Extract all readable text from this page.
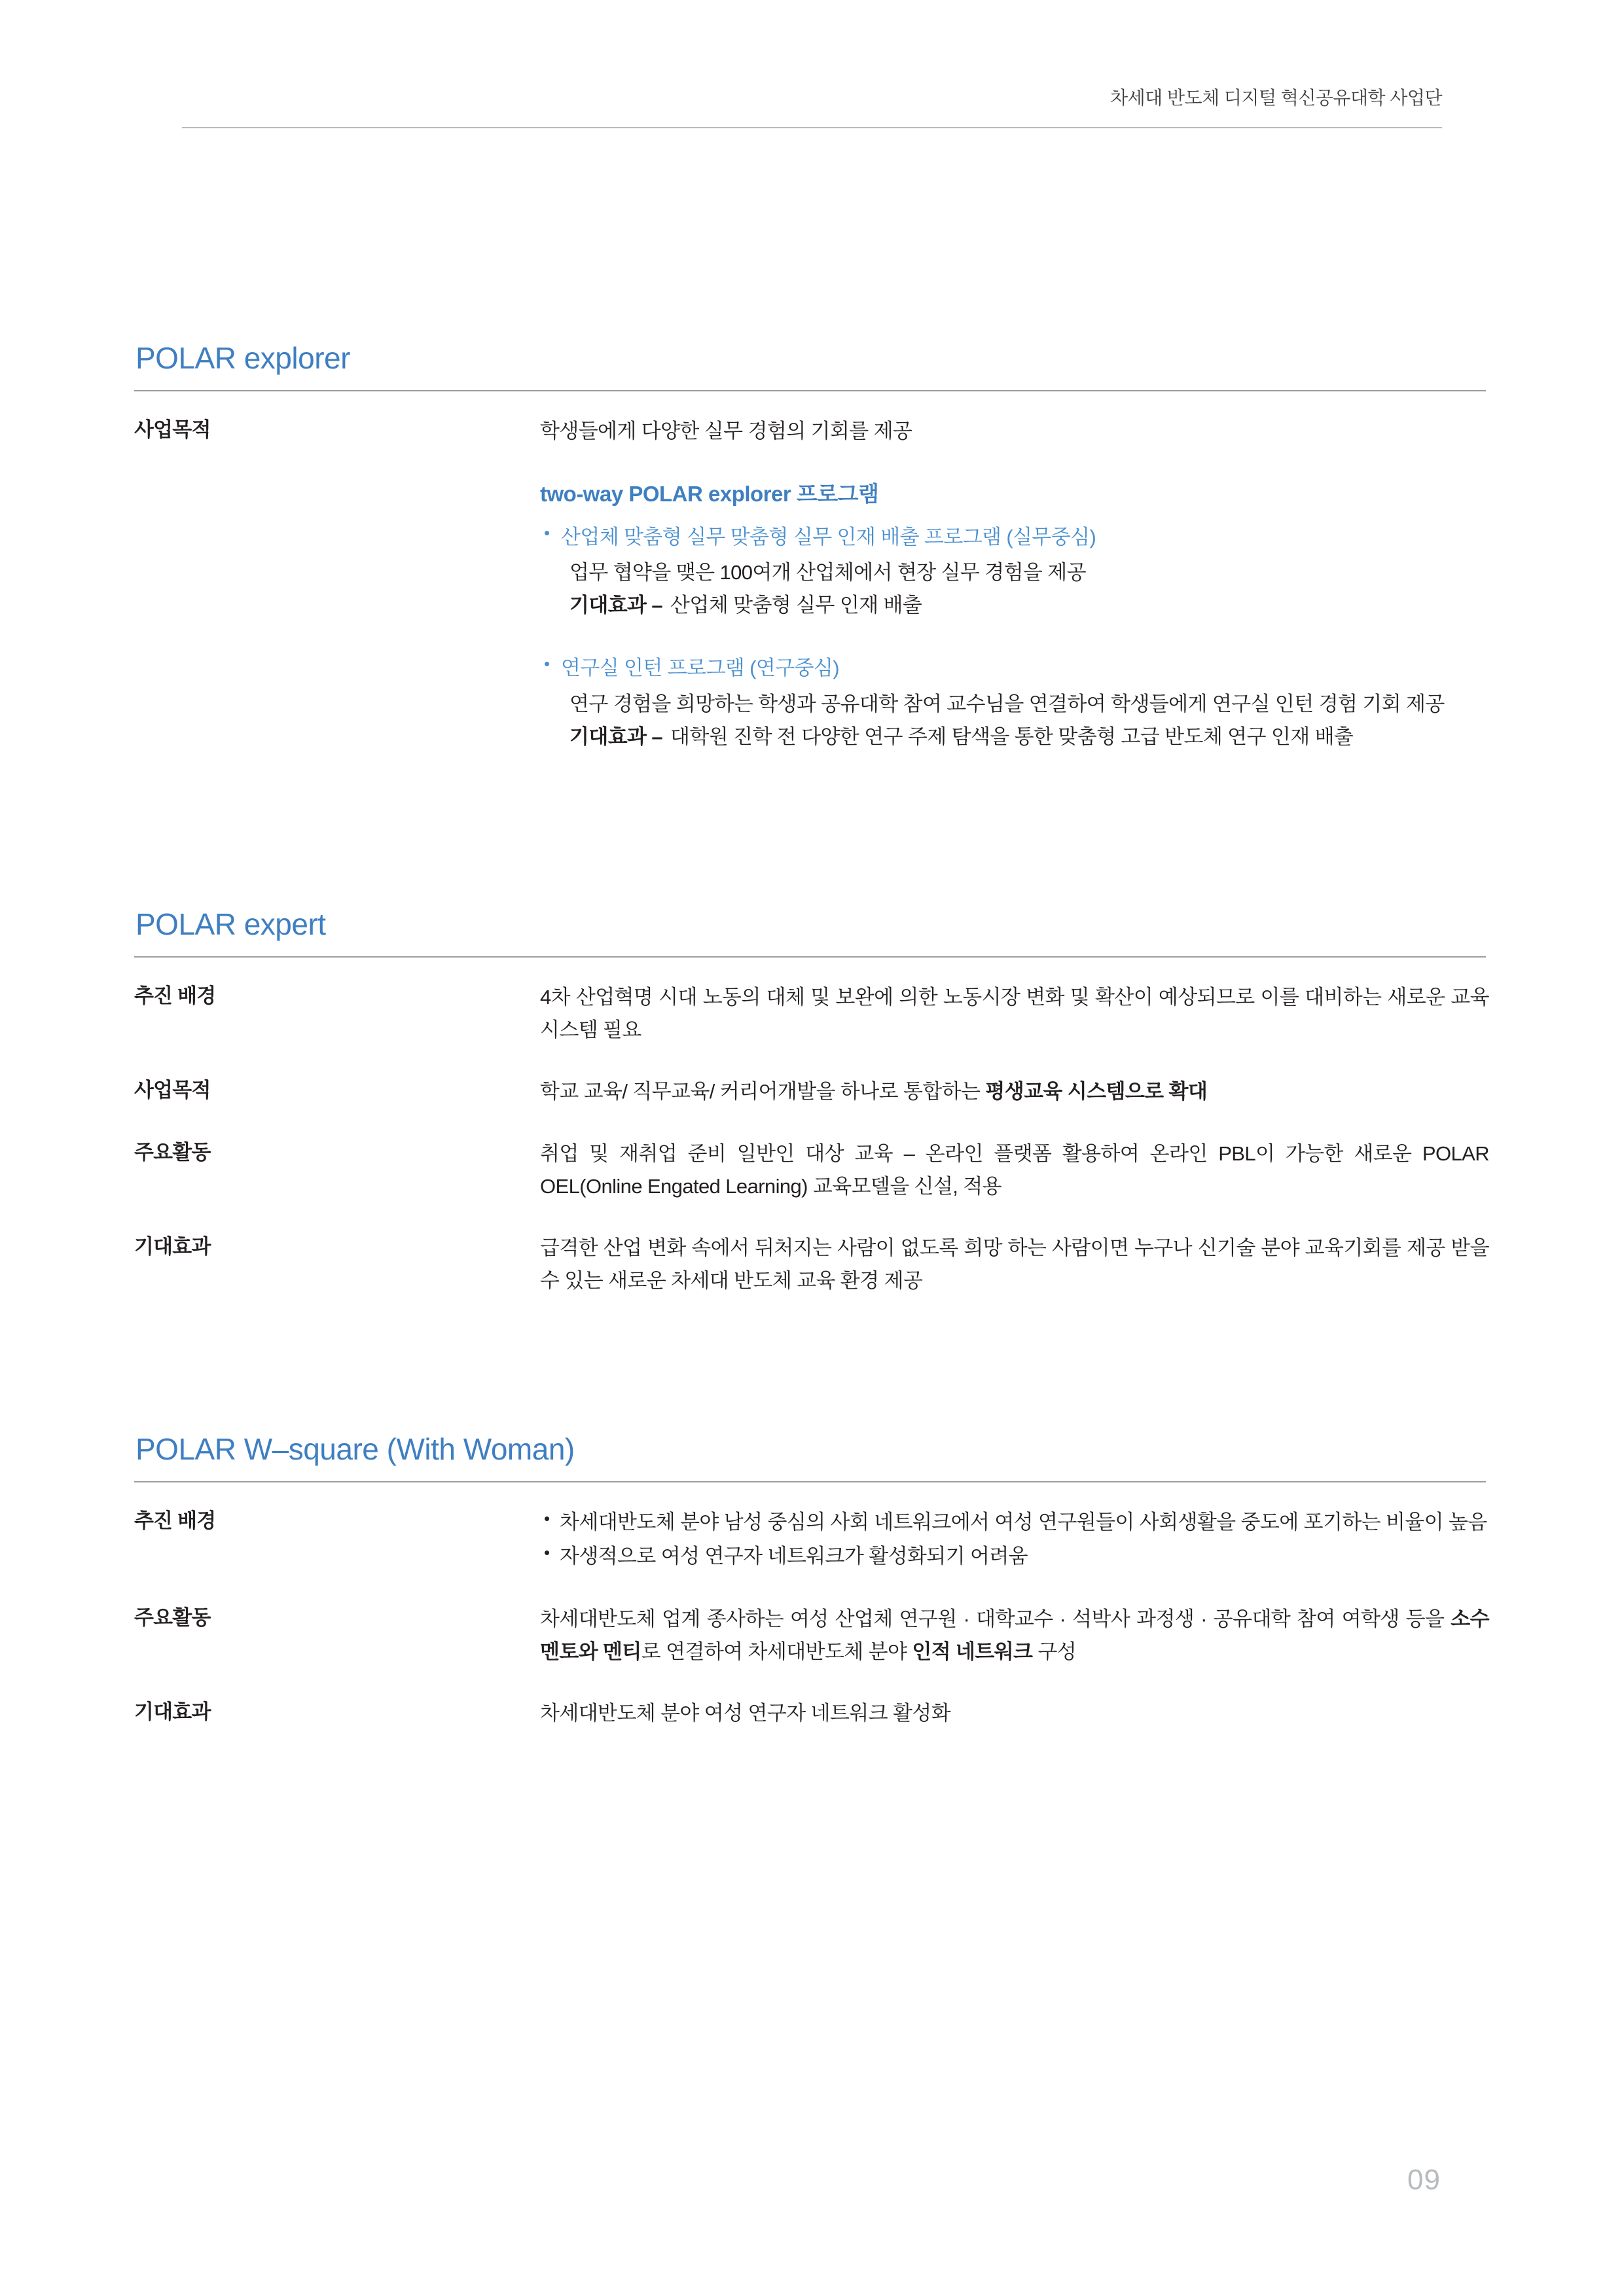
차세대 반도체 디지털 혁신공유대학 사업단
POLAR explorer
사업목적	학생들에게 다양한 실무 경험의 기회를 제공

two-way POLAR explorer 프로그램
• 산업체 맞춤형 실무 맞춤형 실무 인재 배출 프로그램 (실무중심)
업무 협약을 맺은 100여개 산업체에서 현장 실무 경험을 제공
기대효과 – 산업체 맞춤형 실무 인재 배출
• 연구실 인턴 프로그램 (연구중심)
연구 경험을 희망하는 학생과 공유대학 참여 교수님을 연결하여 학생들에게 연구실 인턴 경험 기회 제공
기대효과 – 대학원 진학 전 다양한 연구 주제 탐색을 통한 맞춤형 고급 반도체 연구 인재 배출
POLAR expert
추진 배경	4차 산업혁명 시대 노동의 대체 및 보완에 의한 노동시장 변화 및 확산이 예상되므로 이를 대비하는 새로운 교육 시스템 필요

사업목적	학교 교육/ 직무교육/ 커리어개발을 하나로 통합하는 평생교육 시스템으로 확대

주요활동	취업 및 재취업 준비 일반인 대상 교육 – 온라인 플랫폼 활용하여 온라인 PBL이 가능한 새로운 POLAR OEL(Online Engated Learning) 교육모델을 신설, 적용

기대효과	급격한 산업 변화 속에서 뒤처지는 사람이 없도록 희망 하는 사람이면 누구나 신기술 분야 교육기회를 제공 받을 수 있는 새로운 차세대 반도체 교육 환경 제공

POLAR W–square (With Woman)
추진 배경	• 차세대반도체 분야 남성 중심의 사회 네트워크에서 여성 연구원들이 사회생활을 중도에 포기하는 비율이 높음
• 자생적으로 여성 연구자 네트워크가 활성화되기 어려움
주요활동	차세대반도체 업계 종사하는 여성 산업체 연구원 · 대학교수 · 석박사 과정생 · 공유대학 참여 여학생 등을 소수 멘토와 멘티로 연결하여 차세대반도체 분야 인적 네트워크 구성

기대효과	차세대반도체 분야 여성 연구자 네트워크 활성화

09
